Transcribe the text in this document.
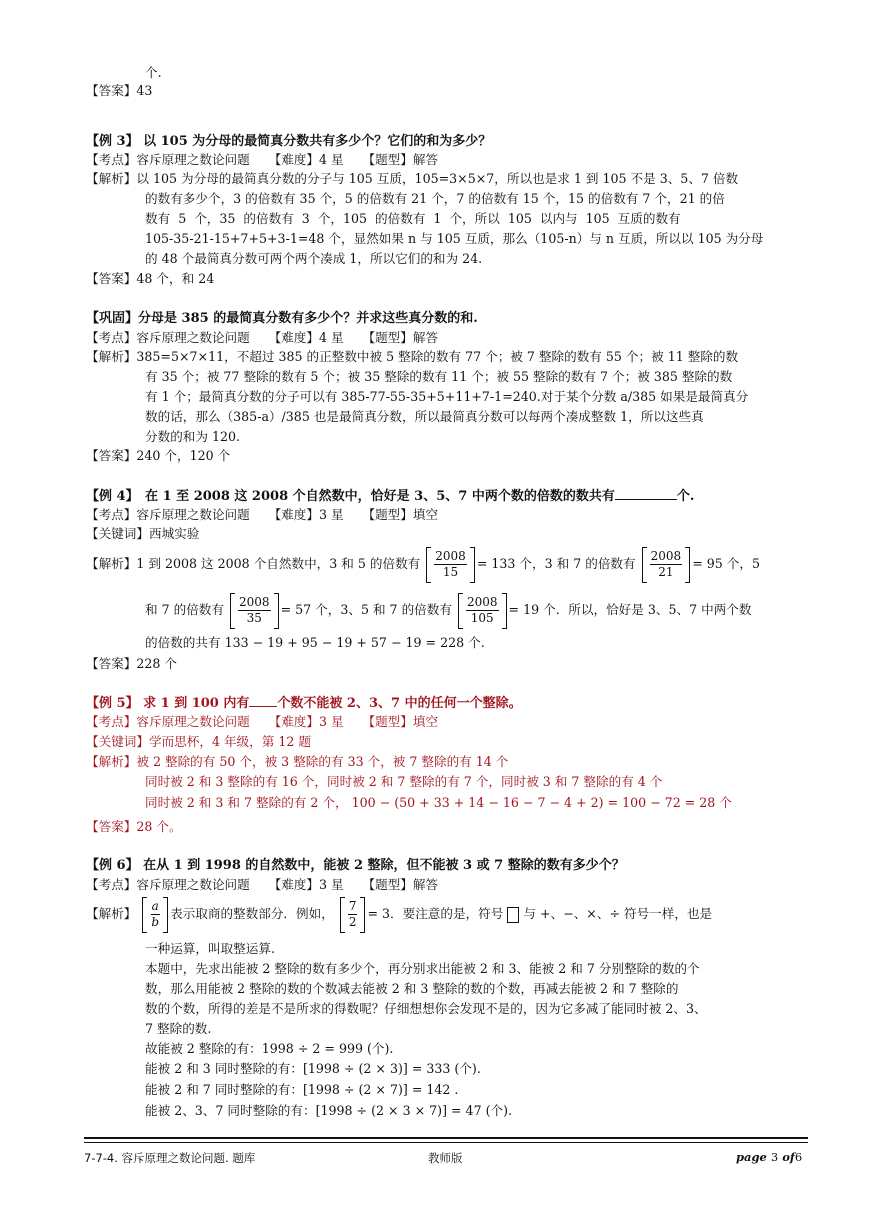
个.
【答案】43
【例 3】 以 105 为分母的最简真分数共有多少个？它们的和为多少？
【考点】容斥原理之数论问题　　【难度】4 星　　【题型】解答
【解析】以 105 为分母的最简真分数的分子与 105 互质，105=3×5×7，所以也是求 1 到 105 不是 3、5、7 倍数
的数有多少个，3 的倍数有 35 个，5 的倍数有 21 个，7 的倍数有 15 个，15 的倍数有 7 个，21 的倍
数有 5 个，35 的倍数有 3 个，105 的倍数有 1 个，所以 105 以内与 105 互质的数有
105-35-21-15+7+5+3-1=48 个，显然如果 n 与 105 互质，那么（105-n）与 n 互质，所以以 105 为分母
的 48 个最简真分数可两个两个凑成 1，所以它们的和为 24.
【答案】48 个，和 24
【巩固】分母是 385 的最简真分数有多少个？并求这些真分数的和.
【考点】容斥原理之数论问题　　【难度】4 星　　【题型】解答
【解析】385=5×7×11，不超过 385 的正整数中被 5 整除的数有 77 个；被 7 整除的数有 55 个；被 11 整除的数
有 35 个；被 77 整除的数有 5 个；被 35 整除的数有 11 个；被 55 整除的数有 7 个；被 385 整除的数
有 1 个；最简真分数的分子可以有 385-77-55-35+5+11+7-1=240.对于某个分数 a/385 如果是最简真分
数的话，那么（385-a）/385 也是最简真分数，所以最简真分数可以每两个凑成整数 1，所以这些真
分数的和为 120.
【答案】240 个，120 个
【例 4】　在 1 至 2008 这 2008 个自然数中，恰好是 3、5、7 中两个数的倍数的数共有	个.
【考点】容斥原理之数论问题　　【难度】3 星　　【题型】填空
【关键词】西城实验
【解析】1 到 2008 这 2008 个自然数中，3 和 5 的倍数有 $\frac{2008}{15} = 133$ 个，3 和 7 的倍数有 $\frac{2008}{21} = 95$ 个，5
和 7 的倍数有 $\frac{2008}{35} = 57$ 个，3、5 和 7 的倍数有 $\frac{2008}{105} = 19$ 个．所以，恰好是 3、5、7 中两个数
的倍数的共有 133 − 19 + 95 − 19 + 57 − 19 = 228 个.
【答案】228 个
【例 5】 求 1 到 100 内有 个数不能被 2、3、7 中的任何一个整除。
【考点】容斥原理之数论问题　　【难度】3 星　　【题型】填空
【关键词】学而思杯，4 年级，第 12 题
【解析】被 2 整除的有 50 个，被 3 整除的有 33 个，被 7 整除的有 14 个
同时被 2 和 3 整除的有 16 个，同时被 2 和 7 整除的有 7 个，同时被 3 和 7 整除的有 4 个
同时被 2 和 3 和 7 整除的有 2 个， 100 − (50 + 33 + 14 − 16 − 7 − 4 + 2) = 100 − 72 = 28 个
【答案】28 个。
【例 6】 在从 1 到 1998 的自然数中，能被 2 整除，但不能被 3 或 7 整除的数有多少个？
【考点】容斥原理之数论问题　　【难度】3 星　　【题型】解答
【解析】 $\frac{a}{b}$ 表示取商的整数部分．例如， $\frac{7}{2} = 3$．要注意的是，符号 与 +、−、×、÷ 符号一样，也是
一种运算，叫取整运算.
本题中，先求出能被 2 整除的数有多少个，再分别求出能被 2 和 3、能被 2 和 7 分别整除的数的个
数，那么用能被 2 整除的数的个数减去能被 2 和 3 整除的数的个数，再减去能被 2 和 7 整除的
数的个数，所得的差是不是所求的得数呢？仔细想想你会发现不是的，因为它多减了能同时被 2、3、
7 整除的数.
故能被 2 整除的有：1998 ÷ 2 = 999 (个).
能被 2 和 3 同时整除的有：[1998 ÷ (2 × 3)] = 333 (个).
能被 2 和 7 同时整除的有：[1998 ÷ (2 × 7)] = 142 .
能被 2、3、7 同时整除的有：[1998 ÷ (2 × 3 × 7)] = 47 (个).
7-7-4. 容斥原理之数论问题. 题库	教师版	page 3 of6
